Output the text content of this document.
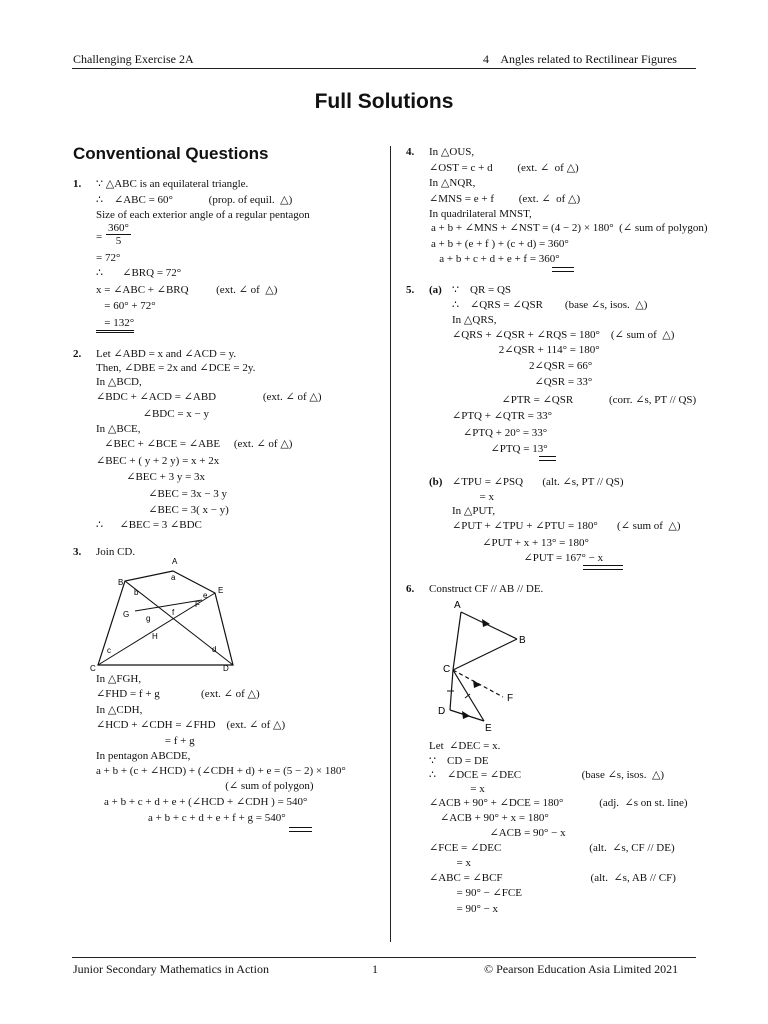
Challenging Exercise 2A	4    Angles related to Rectilinear Figures
Full Solutions
Conventional Questions
1. ∵ △ABC is an equilateral triangle.
∴    ∠ABC = 60°             (prop. of equil.  △)
Size of each exterior angle of a regular pentagon
= $\frac{360^\circ}{5}$
= 72°
∴       ∠BRQ = 72°
x = ∠ABC + ∠BRQ          (ext. ∠ of  △)
= 60° + 72°
= 132°
2. Let ∠ABD = x and ∠ACD = y.
Then, ∠DBE = 2x and ∠DCE = 2y.
In △BCD,
∠BDC + ∠ACD = ∠ABD                 (ext. ∠ of △)
∠BDC = x − y
In △BCE,
∠BEC + ∠BCE = ∠ABE     (ext. ∠ of △)
∠BEC + ( y + 2 y) = x + 2x
∠BEC + 3 y = 3x
∠BEC = 3x − 3 y
∠BEC = 3( x − y)
∴      ∠BEC = 3 ∠BDC
3. Join CD.
A
a
B
b	E
e
F
f
G g
H
c	d
C	D
In △FGH,
∠FHD = f + g               (ext. ∠ of △)
In △CDH,
∠HCD + ∠CDH = ∠FHD    (ext. ∠ of △)
= f + g
In pentagon ABCDE,
a + b + (c + ∠HCD) + (∠CDH + d) + e = (5 − 2) × 180°
(∠ sum of polygon)
a + b + c + d + e + (∠HCD + ∠CDH ) = 540°
a + b + c + d + e + f + g = 540°
4. In △OUS,
∠OST = c + d         (ext. ∠  of △)
In △NQR,
∠MNS = e + f         (ext. ∠  of △)
In quadrilateral MNST,
a + b + ∠MNS + ∠NST = (4 − 2) × 180°  (∠ sum of polygon)
a + b + (e + f ) + (c + d) = 360°
a + b + c + d + e + f = 360°
5. (a) ∵    QR = QS
∴    ∠QRS = ∠QSR        (base ∠s, isos.  △)
In △QRS,
∠QRS + ∠QSR + ∠RQS = 180°    (∠ sum of  △)
2∠QSR + 114° = 180°
2∠QSR = 66°
∠QSR = 33°
∠PTR = ∠QSR             (corr. ∠s, PT // QS)
∠PTQ + ∠QTR = 33°
∠PTQ + 20° = 33°
∠PTQ = 13°
(b) ∠TPU = ∠PSQ       (alt. ∠s, PT // QS)
= x
In △PUT,
∠PUT + ∠TPU + ∠PTU = 180°       (∠ sum of  △)
∠PUT + x + 13° = 180°
∠PUT = 167° − x
6. Construct CF // AB // DE.
A
B
C
F
D
E
Let  ∠DEC = x.
∵    CD = DE
∴    ∠DCE = ∠DEC                      (base ∠s, isos.  △)
= x
∠ACB + 90° + ∠DCE = 180°             (adj.  ∠s on st. line)
∠ACB + 90° + x = 180°
∠ACB = 90° − x
∠FCE = ∠DEC                                (alt.  ∠s, CF // DE)
= x
∠ABC = ∠BCF                                (alt.  ∠s, AB // CF)
= 90° − ∠FCE
= 90° − x
Junior Secondary Mathematics in Action	1	© Pearson Education Asia Limited 2021
